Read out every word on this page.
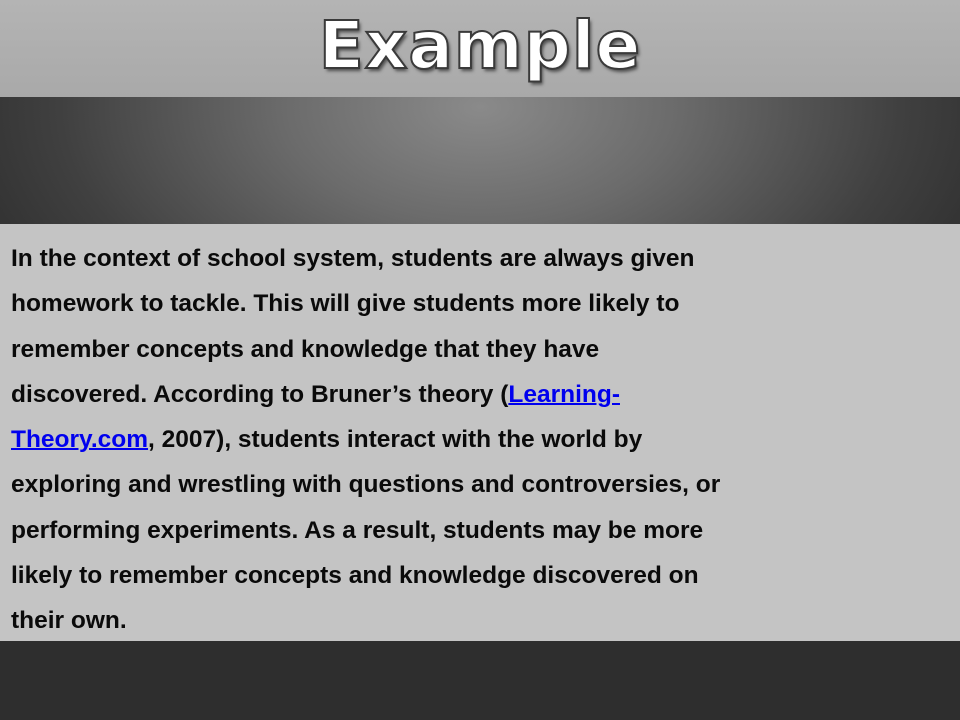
Example

In the context of school system, students are always given
homework to tackle. This will give students more likely to
remember concepts and knowledge that they have
discovered. According to Bruner’s theory (Learning-
Theory.com, 2007), students interact with the world by
exploring and wrestling with questions and controversies, or
performing experiments. As a result, students may be more
likely to remember concepts and knowledge discovered on
their own.
